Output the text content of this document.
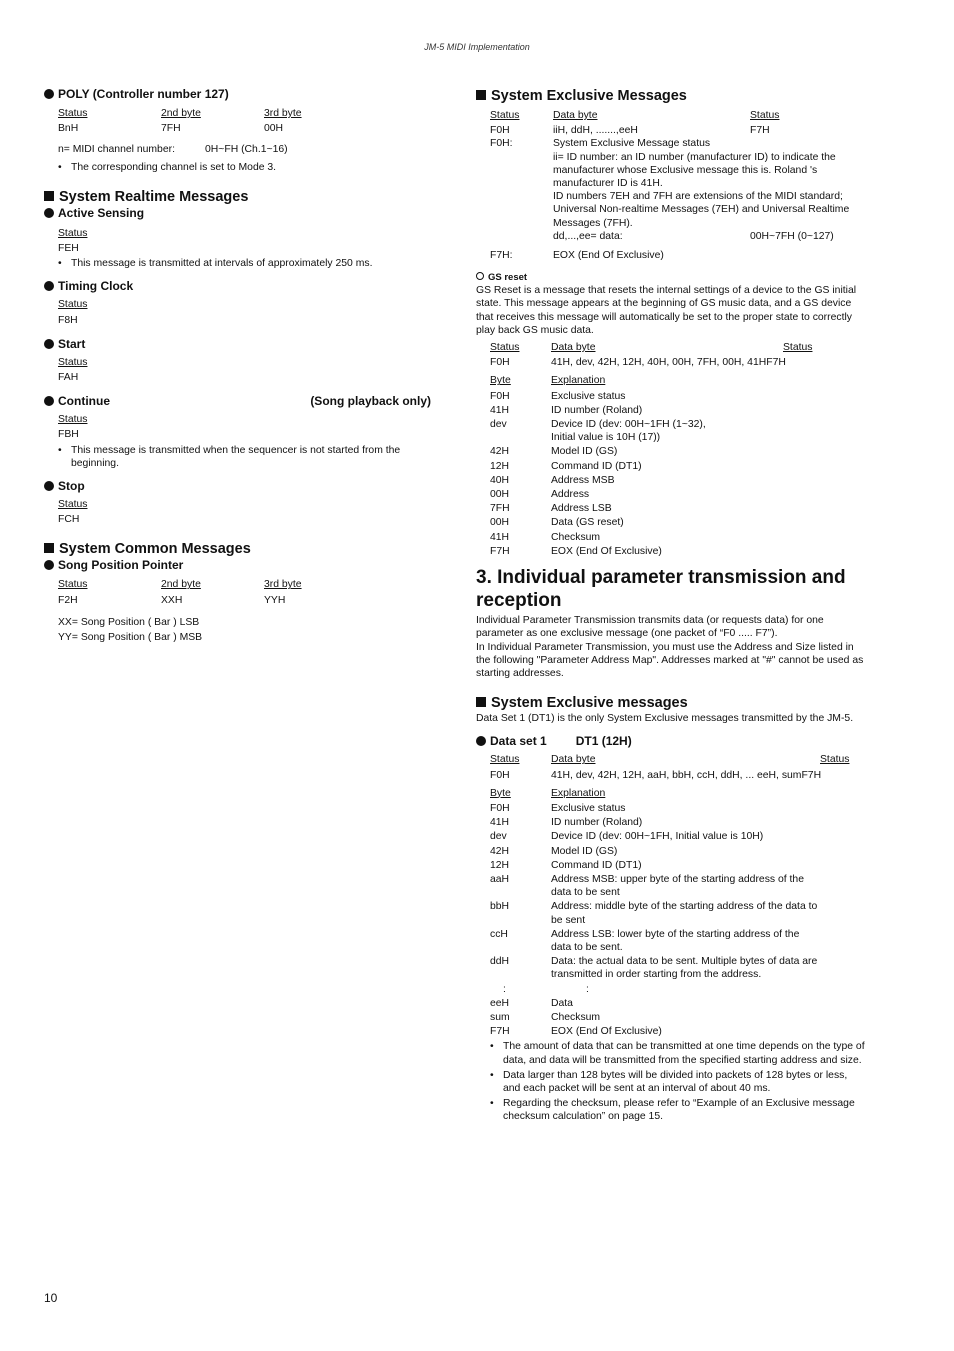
JM-5 MIDI Implementation
POLY (Controller number 127)
Status	2nd byte	3rd byte
BnH	7FH	00H
n= MIDI channel number:	0H~FH (Ch.1~16)
• The corresponding channel is set to Mode 3.
System Realtime Messages
Active Sensing
Status
FEH
• This message is transmitted at intervals of approximately 250 ms.
Timing Clock
Status
F8H
Start
Status
FAH
Continue	(Song playback only)
Status
FBH
• This message is transmitted when the sequencer is not started from the beginning.
Stop
Status
FCH
System Common Messages
Song Position Pointer
Status	2nd byte	3rd byte
F2H	XXH	YYH
XX= Song Position ( Bar ) LSB
YY= Song Position ( Bar ) MSB
System Exclusive Messages
Status	Data byte	Status
F0H	iiH, ddH, .......,eeH	F7H
F0H:	System Exclusive Message status

ii= ID number: an ID number (manufacturer ID) to indicate the manufacturer whose Exclusive message this is. Roland 's manufacturer ID is 41H.

ID numbers 7EH and 7FH are extensions of the MIDI standard; Universal Non-realtime Messages (7EH) and Universal Realtime Messages (7FH).

dd,...,ee= data:	00H~7FH (0~127)
F7H:	EOX (End Of Exclusive)
GS reset

GS Reset is a message that resets the internal settings of a device to the GS initial state. This message appears at the beginning of GS music data, and a GS device that receives this message will automatically be set to the proper state to correctly play back GS music data.

Status	Data byte	Status
F0H	41H, dev, 42H, 12H, 40H, 00H, 7FH, 00H, 41H F7H
Byte	Explanation
F0H	Exclusive status
41H	ID number (Roland)
dev	Device ID (dev: 00H~1FH (1~32), Initial value is 10H (17))
42H	Model ID (GS)
12H	Command ID (DT1)
40H	Address MSB
00H	Address
7FH	Address LSB
00H	Data (GS reset)
41H	Checksum
F7H	EOX (End Of Exclusive)
3. Individual parameter transmission and reception

Individual Parameter Transmission transmits data (or requests data) for one parameter as one exclusive message (one packet of “F0 ..... F7”).

In Individual Parameter Transmission, you must use the Address and Size listed in the following "Parameter Address Map". Addresses marked at "#" cannot be used as starting addresses.

System Exclusive messages

Data Set 1 (DT1) is the only System Exclusive messages transmitted by the JM-5.

Data set 1 DT1 (12H)
Status	Data byte	Status
F0H	41H, dev, 42H, 12H, aaH, bbH, ccH, ddH, ... eeH, sum F7H
Byte	Explanation
F0H	Exclusive status
41H	ID number (Roland)
dev	Device ID (dev: 00H~1FH, Initial value is 10H)
42H	Model ID (GS)
12H	Command ID (DT1)
aaH	Address MSB: upper byte of the starting address of the data to be sent
bbH	Address: middle byte of the starting address of the data to be sent
ccH	Address LSB: lower byte of the starting address of the data to be sent.
ddH	Data: the actual data to be sent. Multiple bytes of data are transmitted in order starting from the address.
:	:
eeH	Data
sum	Checksum
F7H	EOX (End Of Exclusive)
• The amount of data that can be transmitted at one time depends on the type of data, and data will be transmitted from the specified starting address and size.
• Data larger than 128 bytes will be divided into packets of 128 bytes or less, and each packet will be sent at an interval of about 40 ms.
• Regarding the checksum, please refer to “Example of an Exclusive message checksum calculation” on page 15.
10
